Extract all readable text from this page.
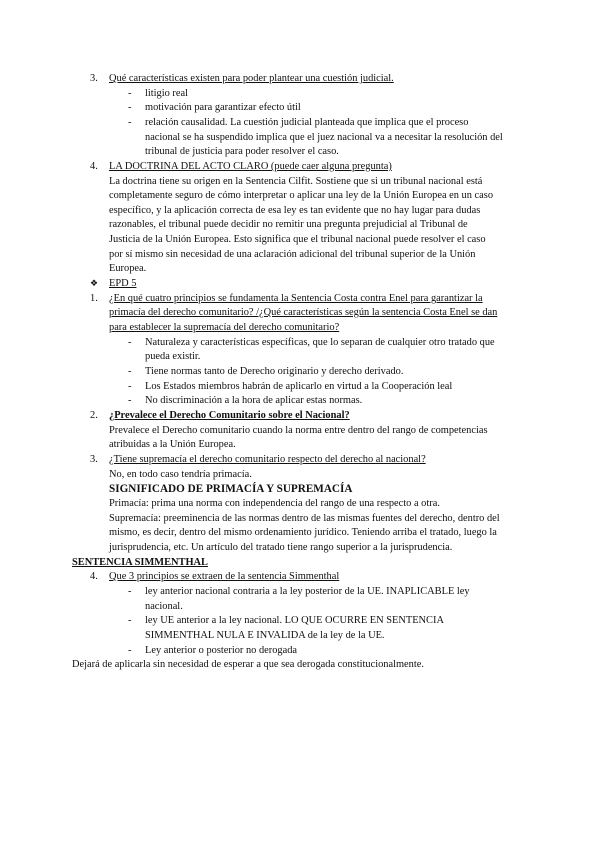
3. Qué características existen para poder plantear una cuestión judicial.
- litigio real
- motivación para garantizar efecto útil
- relación causalidad. La cuestión judicial planteada que implica que el proceso
nacional se ha suspendido implica que el juez nacional va a necesitar la resolución del
tribunal de justicia para poder resolver el caso.
4. LA DOCTRINA DEL ACTO CLARO (puede caer alguna pregunta)
La doctrina tiene su origen en la Sentencia Cilfit. Sostiene que si un tribunal nacional está
completamente seguro de cómo interpretar o aplicar una ley de la Unión Europea en un caso
específico, y la aplicación correcta de esa ley es tan evidente que no hay lugar para dudas
razonables, el tribunal puede decidir no remitir una pregunta prejudicial al Tribunal de
Justicia de la Unión Europea. Esto significa que el tribunal nacional puede resolver el caso
por sí mismo sin necesidad de una aclaración adicional del tribunal superior de la Unión
Europea.
❖ EPD 5
1. ¿En qué cuatro principios se fundamenta la Sentencia Costa contra Enel para garantizar la
primacía del derecho comunitario? /¿Qué características según la sentencia Costa Enel se dan
para establecer la supremacía del derecho comunitario?
- Naturaleza y características específicas, que lo separan de cualquier otro tratado que
pueda existir.
- Tiene normas tanto de Derecho originario y derecho derivado.
- Los Estados miembros habrán de aplicarlo en virtud a la Cooperación leal
- No discriminación a la hora de aplicar estas normas.
2. ¿Prevalece el Derecho Comunitario sobre el Nacional?
Prevalece el Derecho comunitario cuando la norma entre dentro del rango de competencias
atribuidas a la Unión Europea.
3. ¿Tiene supremacía el derecho comunitario respecto del derecho al nacional?
No, en todo caso tendría primacía.
SIGNIFICADO DE PRIMACÍA Y SUPREMACÍA
Primacía: prima una norma con independencia del rango de una respecto a otra.
Supremacía: preeminencia de las normas dentro de las mismas fuentes del derecho, dentro del
mismo, es decir, dentro del mismo ordenamiento jurídico. Teniendo arriba el tratado, luego la
jurisprudencia, etc. Un artículo del tratado tiene rango superior a la jurisprudencia.
SENTENCIA SIMMENTHAL
4. Que 3 principios se extraen de la sentencia Simmenthal
- ley anterior nacional contraria a la ley posterior de la UE. INAPLICABLE ley
nacional.
- ley UE anterior a la ley nacional. LO QUE OCURRE EN SENTENCIA
SIMMENTHAL NULA E INVALIDA de la ley de la UE.
- Ley anterior o posterior no derogada
Dejará de aplicarla sin necesidad de esperar a que sea derogada constitucionalmente.
